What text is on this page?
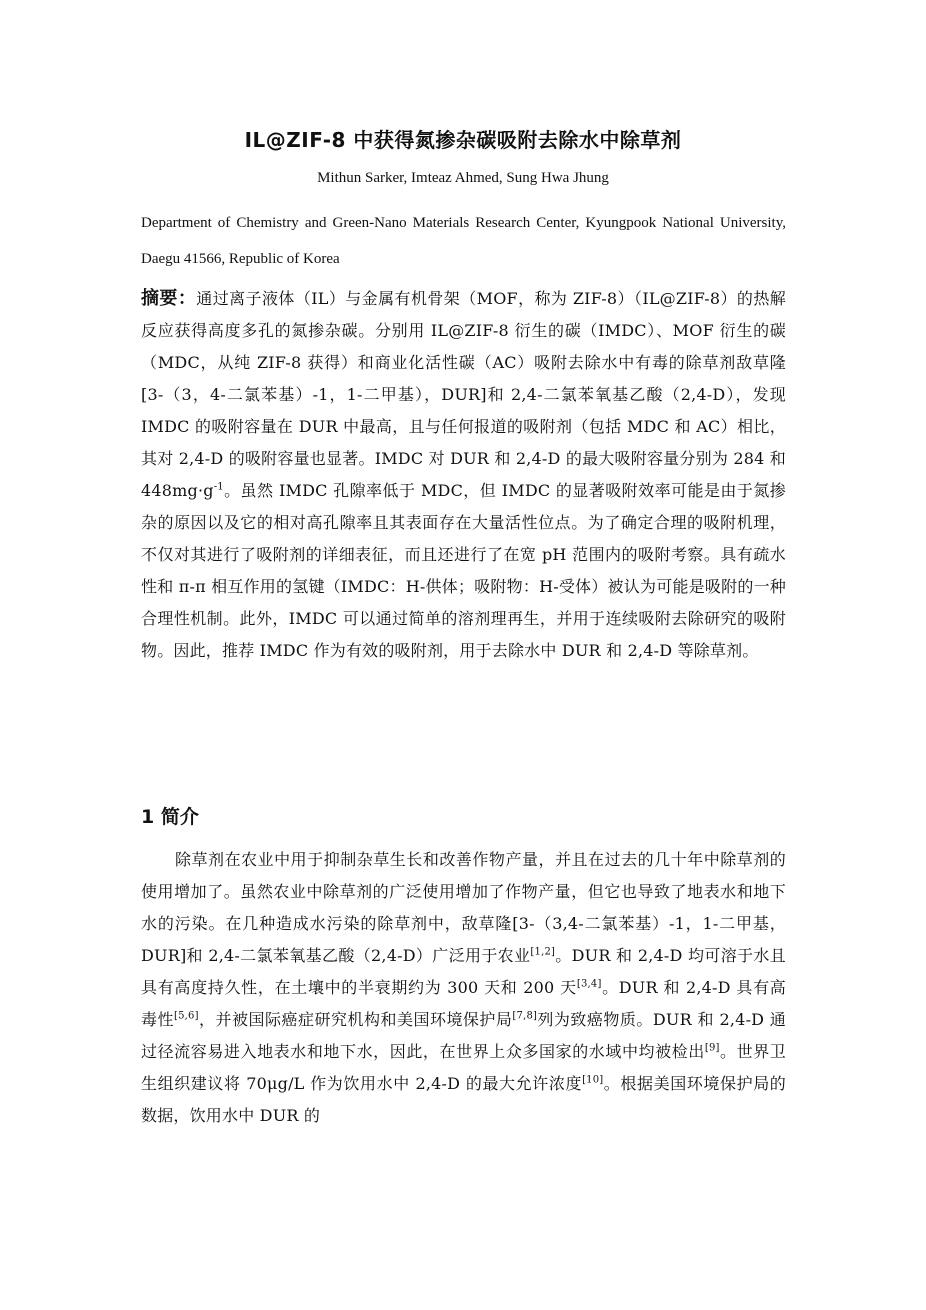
IL@ZIF-8 中获得氮掺杂碳吸附去除水中除草剂
Mithun Sarker, Imteaz Ahmed, Sung Hwa Jhung
Department of Chemistry and Green-Nano Materials Research Center, Kyungpook National University, Daegu 41566, Republic of Korea
摘要：通过离子液体（IL）与金属有机骨架（MOF，称为 ZIF-8）（IL@ZIF-8）的热解反应获得高度多孔的氮掺杂碳。分别用 IL@ZIF-8 衍生的碳（IMDC）、MOF 衍生的碳（MDC，从纯 ZIF-8 获得）和商业化活性碳（AC）吸附去除水中有毒的除草剂敌草隆[3-（3，4-二氯苯基）-1，1-二甲基），DUR]和 2,4-二氯苯氧基乙酸（2,4-D），发现 IMDC 的吸附容量在 DUR 中最高，且与任何报道的吸附剂（包括 MDC 和 AC）相比，其对 2,4-D 的吸附容量也显著。IMDC 对 DUR 和 2,4-D 的最大吸附容量分别为 284 和 $448mg\cdot g^{-1}$。虽然 IMDC 孔隙率低于 MDC，但 IMDC 的显著吸附效率可能是由于氮掺杂的原因以及它的相对高孔隙率且其表面存在大量活性位点。为了确定合理的吸附机理，不仅对其进行了吸附剂的详细表征，而且还进行了在宽 pH 范围内的吸附考察。具有疏水性和 π-π 相互作用的氢键（IMDC：H-供体；吸附物：H-受体）被认为可能是吸附的一种合理性机制。此外，IMDC 可以通过简单的溶剂理再生，并用于连续吸附去除研究的吸附物。因此，推荐 IMDC 作为有效的吸附剂，用于去除水中 DUR 和 2,4-D 等除草剂。
1 简介
除草剂在农业中用于抑制杂草生长和改善作物产量，并且在过去的几十年中除草剂的使用增加了。虽然农业中除草剂的广泛使用增加了作物产量，但它也导致了地表水和地下水的污染。在几种造成水污染的除草剂中，敌草隆[3-（3,4-二氯苯基）-1，1-二甲基，DUR]和 2,4-二氯苯氧基乙酸（2,4-D）广泛用于农业[1,2]。DUR 和 2,4-D 均可溶于水且具有高度持久性，在土壤中的半衰期约为 300 天和 200 天[3,4]。DUR 和 2,4-D 具有高毒性[5,6]，并被国际癌症研究机构和美国环境保护局[7,8]列为致癌物质。DUR 和 2,4-D 通过径流容易进入地表水和地下水，因此，在世界上众多国家的水域中均被检出[9]。世界卫生组织建议将 70μg/L 作为饮用水中 2,4-D 的最大允许浓度[10]。根据美国环境保护局的数据，饮用水中 DUR 的
